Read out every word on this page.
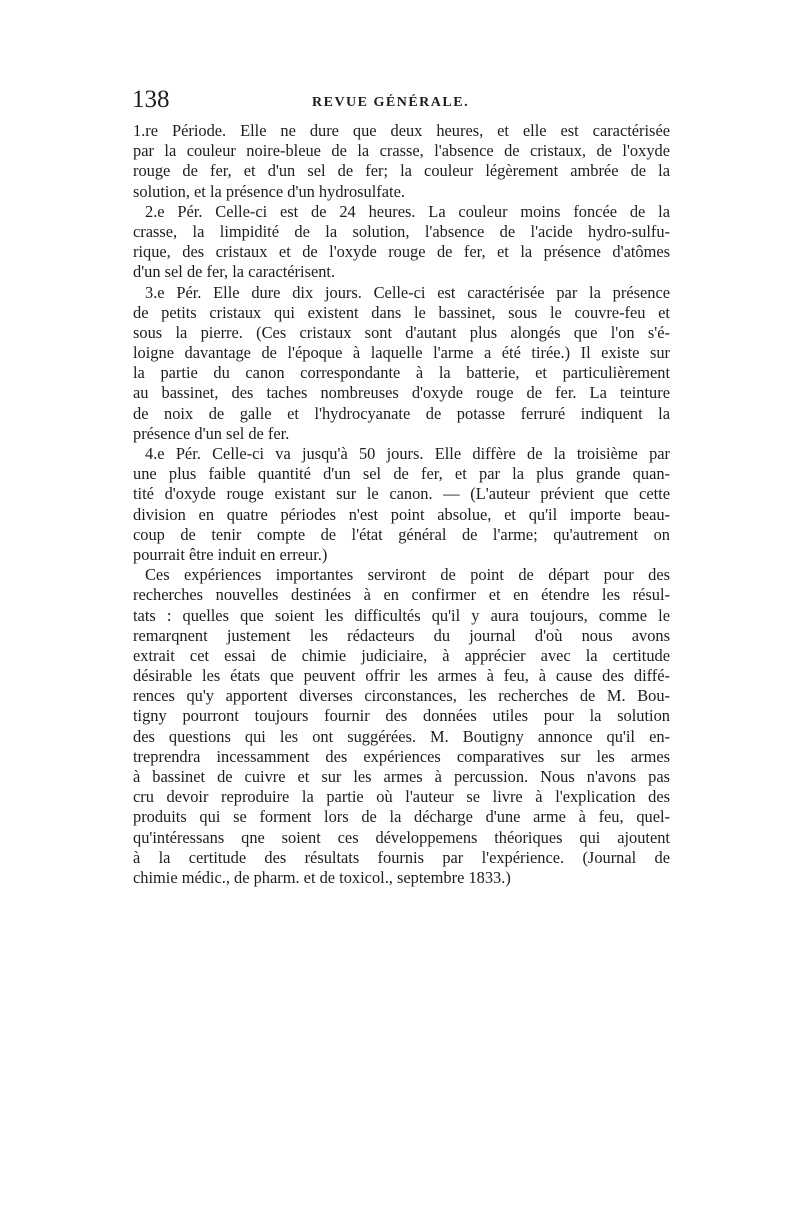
138	REVUE GÉNÉRALE.
1.re Période. Elle ne dure que deux heures, et elle est caractérisée
par la couleur noire-bleue de la crasse, l'absence de cristaux, de l'oxyde
rouge de fer, et d'un sel de fer; la couleur légèrement ambrée de la
solution, et la présence d'un hydrosulfate.
2.e Pér. Celle-ci est de 24 heures. La couleur moins foncée de la
crasse, la limpidité de la solution, l'absence de l'acide hydro-sulfu-
rique, des cristaux et de l'oxyde rouge de fer, et la présence d'atômes
d'un sel de fer, la caractérisent.
3.e Pér. Elle dure dix jours. Celle-ci est caractérisée par la présence
de petits cristaux qui existent dans le bassinet, sous le couvre-feu et
sous la pierre. (Ces cristaux sont d'autant plus alongés que l'on s'é-
loigne davantage de l'époque à laquelle l'arme a été tirée.) Il existe sur
la partie du canon correspondante à la batterie, et particulièrement
au bassinet, des taches nombreuses d'oxyde rouge de fer. La teinture
de noix de galle et l'hydrocyanate de potasse ferruré indiquent la
présence d'un sel de fer.
4.e Pér. Celle-ci va jusqu'à 50 jours. Elle diffère de la troisième par
une plus faible quantité d'un sel de fer, et par la plus grande quan-
tité d'oxyde rouge existant sur le canon. — (L'auteur prévient que cette
division en quatre périodes n'est point absolue, et qu'il importe beau-
coup de tenir compte de l'état général de l'arme; qu'autrement on
pourrait être induit en erreur.)
Ces expériences importantes serviront de point de départ pour des
recherches nouvelles destinées à en confirmer et en étendre les résul-
tats : quelles que soient les difficultés qu'il y aura toujours, comme le
remarqnent justement les rédacteurs du journal d'où nous avons
extrait cet essai de chimie judiciaire, à apprécier avec la certitude
désirable les états que peuvent offrir les armes à feu, à cause des diffé-
rences qu'y apportent diverses circonstances, les recherches de M. Bou-
tigny pourront toujours fournir des données utiles pour la solution
des questions qui les ont suggérées. M. Boutigny annonce qu'il en-
treprendra incessamment des expériences comparatives sur les armes
à bassinet de cuivre et sur les armes à percussion. Nous n'avons pas
cru devoir reproduire la partie où l'auteur se livre à l'explication des
produits qui se forment lors de la décharge d'une arme à feu, quel-
qu'intéressans qne soient ces développemens théoriques qui ajoutent
à la certitude des résultats fournis par l'expérience. (Journal de
chimie médic., de pharm. et de toxicol., septembre 1833.)
